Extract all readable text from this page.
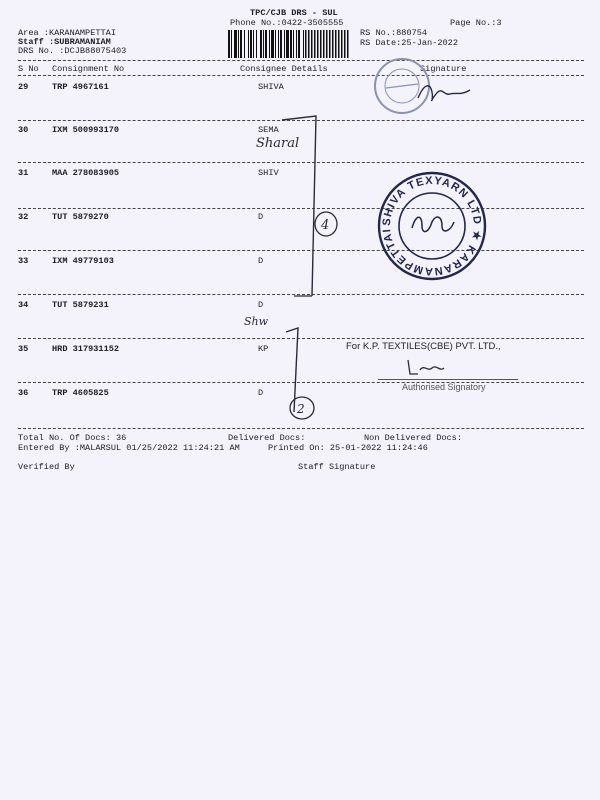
TPC/CJB DRS - SUL
Phone No.:0422-3505555	Page No.:3
Area :KARANAMPETTAI
Staff :SUBRAMANIAM
DRS No. :DCJB88075403
RS No.:880754
RS Date:25-Jan-2022
S No Consignment No	Consignee Details	Signature
29	TRP 4967161	SHIVA
30	IXM 500993170	SEMA
31	MAA 278083905	SHIV
32	TUT 5879270	D
33	IXM 49779103	D
34	TUT 5879231	D
35	HRD 317931152	KP
36	TRP 4605825	D
Total No. Of Docs: 36	Delivered Docs:	Non Delivered Docs:
Entered By :MALARSUL 01/25/2022 11:24:21 AM	Printed On: 25-01-2022 11:24:46
Verified By	Staff Signature
Sharal
Shw
4
2
SHIVA TEXYARN LTD ★ KARANAMPETTAI
For K.P. TEXTILES(CBE) PVT. LTD.,
Authorised Signatory
